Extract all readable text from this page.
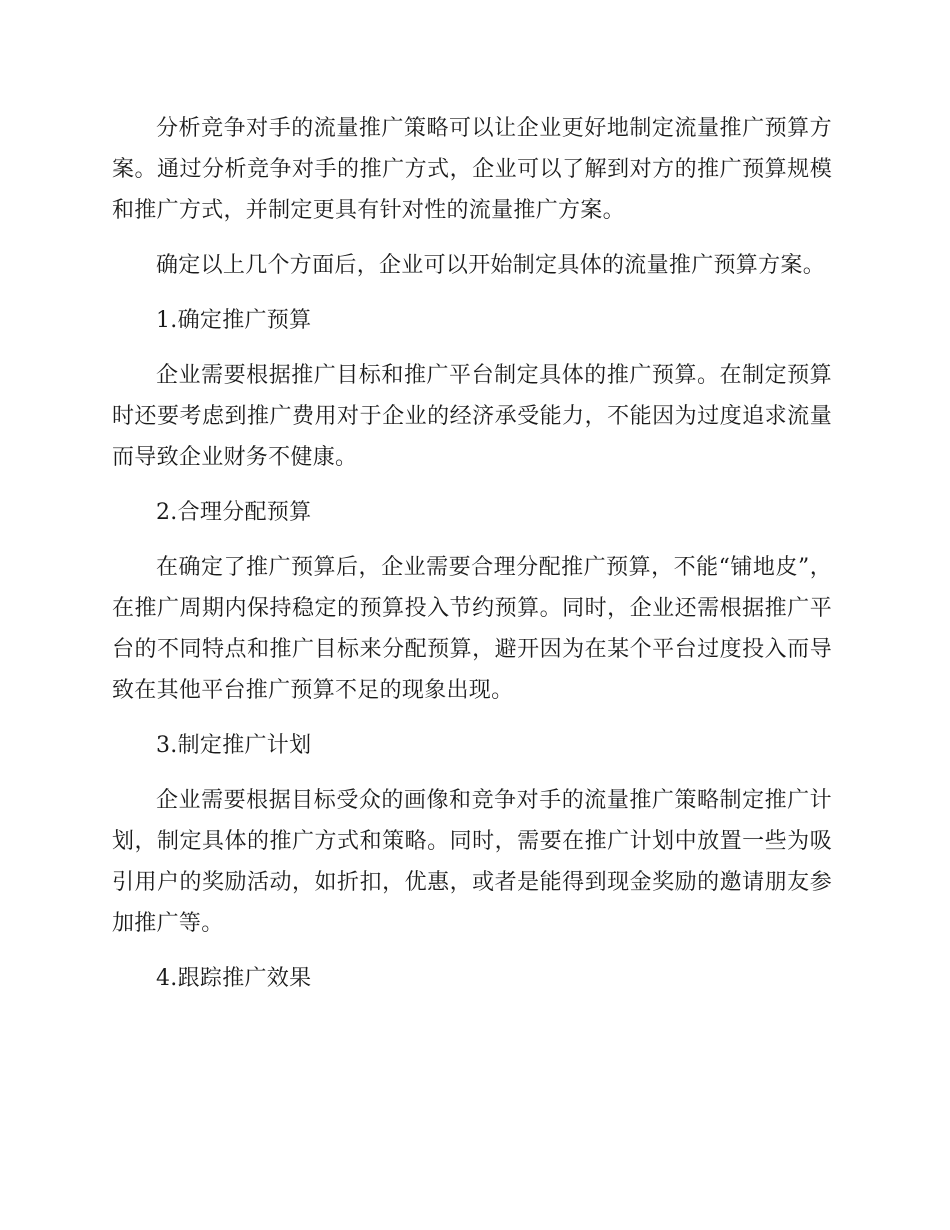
分析竞争对手的流量推广策略可以让企业更好地制定流量推广预算方案。通过分析竞争对手的推广方式，企业可以了解到对方的推广预算规模和推广方式，并制定更具有针对性的流量推广方案。

确定以上几个方面后，企业可以开始制定具体的流量推广预算方案。

1.确定推广预算

企业需要根据推广目标和推广平台制定具体的推广预算。在制定预算时还要考虑到推广费用对于企业的经济承受能力，不能因为过度追求流量而导致企业财务不健康。

2.合理分配预算

在确定了推广预算后，企业需要合理分配推广预算，不能“铺地皮”，在推广周期内保持稳定的预算投入节约预算。同时，企业还需根据推广平台的不同特点和推广目标来分配预算，避开因为在某个平台过度投入而导致在其他平台推广预算不足的现象出现。

3.制定推广计划

企业需要根据目标受众的画像和竞争对手的流量推广策略制定推广计划，制定具体的推广方式和策略。同时，需要在推广计划中放置一些为吸引用户的奖励活动，如折扣，优惠，或者是能得到现金奖励的邀请朋友参加推广等。

4.跟踪推广效果
